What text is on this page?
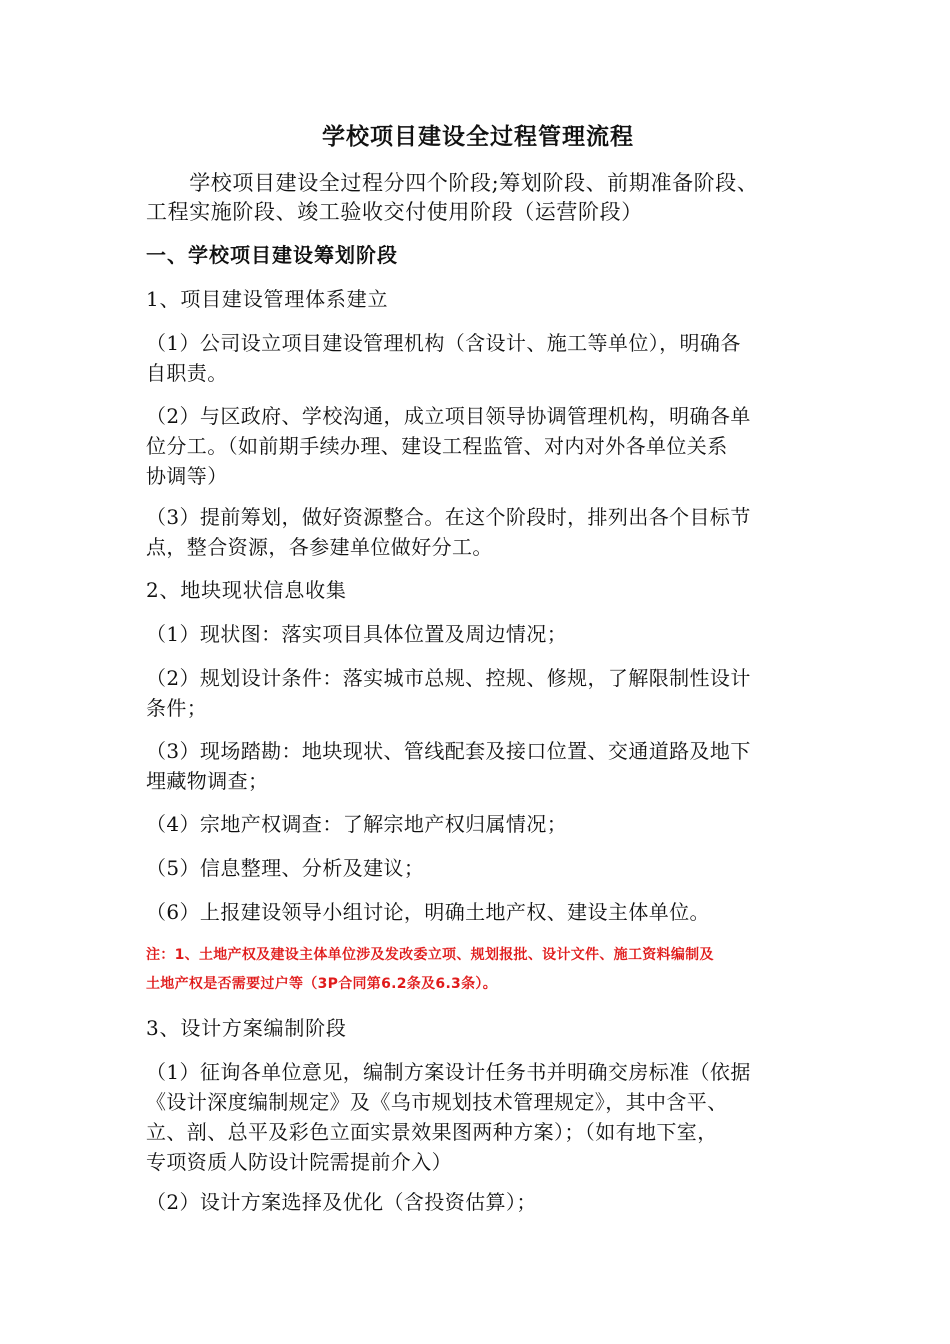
学校项目建设全过程管理流程
　　学校项目建设全过程分四个阶段;筹划阶段、前期准备阶段、
工程实施阶段、竣工验收交付使用阶段（运营阶段）
一、学校项目建设筹划阶段
1、项目建设管理体系建立
（1）公司设立项目建设管理机构（含设计、施工等单位），明确各
自职责。
（2）与区政府、学校沟通，成立项目领导协调管理机构，明确各单
位分工。（如前期手续办理、建设工程监管、对内对外各单位关系
协调等）
（3）提前筹划，做好资源整合。在这个阶段时，排列出各个目标节
点，整合资源，各参建单位做好分工。
2、地块现状信息收集
（1）现状图：落实项目具体位置及周边情况；
（2）规划设计条件：落实城市总规、控规、修规，了解限制性设计
条件；
（3）现场踏勘：地块现状、管线配套及接口位置、交通道路及地下
埋藏物调查；
（4）宗地产权调查：了解宗地产权归属情况；
（5）信息整理、分析及建议；
（6）上报建设领导小组讨论，明确土地产权、建设主体单位。
注：1、土地产权及建设主体单位涉及发改委立项、规划报批、设计文件、施工资料编制及
土地产权是否需要过户等（3P合同第6.2条及6.3条）。
3、设计方案编制阶段
（1）征询各单位意见，编制方案设计任务书并明确交房标准（依据
《设计深度编制规定》及《乌市规划技术管理规定》，其中含平、
立、剖、总平及彩色立面实景效果图两种方案）；（如有地下室，
专项资质人防设计院需提前介入）
（2）设计方案选择及优化（含投资估算）；
